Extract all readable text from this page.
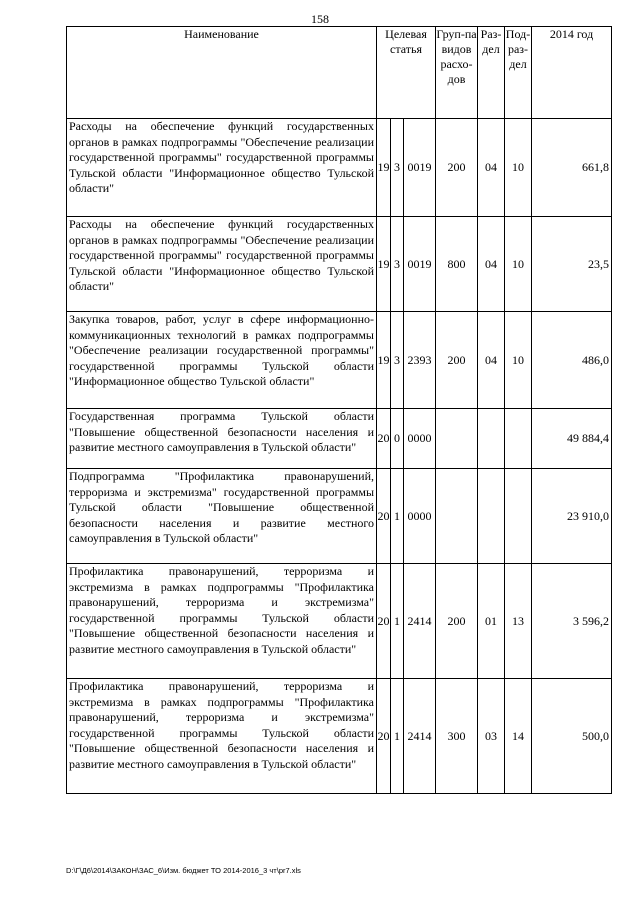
158
Наименование	Целевая статья			Груп-па видов расхо-дов	Раз-дел	Под-раз-дел	2014 год
Расходы на обеспечение функций государственных органов в рамках подпрограммы "Обеспечение реализации государственной программы" государственной программы Тульской области "Информационное общество Тульской области"	19	3	0019	200	04	10	661,8
Расходы на обеспечение функций государственных органов в рамках подпрограммы "Обеспечение реализации государственной программы" государственной программы Тульской области "Информационное общество Тульской области"	19	3	0019	800	04	10	23,5
Закупка товаров, работ, услуг в сфере информационно-коммуникационных технологий в рамках подпрограммы "Обеспечение реализации государственной программы" государственной программы Тульской области "Информационное общество Тульской области"	19	3	2393	200	04	10	486,0
Государственная программа Тульской области "Повышение общественной безопасности населения и развитие местного самоуправления в Тульской области"	20	0	0000				49 884,4
Подпрограмма "Профилактика правонарушений, терроризма и экстремизма" государственной программы Тульской области "Повышение общественной безопасности населения и развитие местного самоуправления в Тульской области"	20	1	0000				23 910,0
Профилактика правонарушений, терроризма и экстремизма в рамках подпрограммы "Профилактика правонарушений, терроризма и экстремизма" государственной программы Тульской области "Повышение общественной безопасности населения и развитие местного самоуправления в Тульской области"	20	1	2414	200	01	13	3 596,2
Профилактика правонарушений, терроризма и экстремизма в рамках подпрограммы "Профилактика правонарушений, терроризма и экстремизма" государственной программы Тульской области "Повышение общественной безопасности населения и развитие местного самоуправления в Тульской области"	20	1	2414	300	03	14	500,0
D:\Г\Д6\2014\ЗАКОН\ЗАС_6\Изм. бюджет ТО 2014-2016_3 чт\pr7.xls
